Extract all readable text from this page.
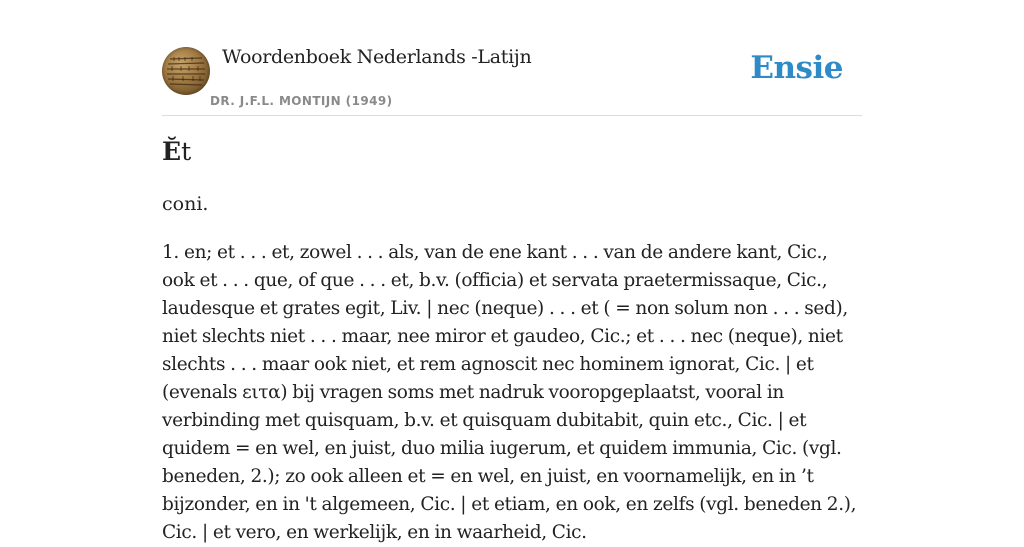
Woordenboek Nederlands -Latijn
DR. J.F.L. MONTIJN (1949)
Ensie
Ĕt
coni.

1. en; et . . . et, zowel . . . als, van de ene kant . . . van de andere kant, Cic., ook et . . . que, of que . . . et, b.v. (officia) et servata praetermissaque, Cic., laudesque et grates egit, Liv. | nec (neque) . . . et ( = non solum non . . . sed), niet slechts niet . . . maar, nee miror et gaudeo, Cic.; et . . . nec (neque), niet slechts . . . maar ook niet, et rem agnoscit nec hominem ignorat, Cic. | et (evenals ειτα) bij vragen soms met nadruk vooropgeplaatst, vooral in verbinding met quisquam, b.v. et quisquam dubitabit, quin etc., Cic. | et quidem = en wel, en juist, duo milia iugerum, et quidem immunia, Cic. (vgl. beneden, 2.); zo ook alleen et = en wel, en juist, en voornamelijk, en in ’t bijzonder, en in 't algemeen, Cic. | et etiam, en ook, en zelfs (vgl. beneden 2.), Cic. | et vero, en werkelijk, en in waarheid, Cic.
